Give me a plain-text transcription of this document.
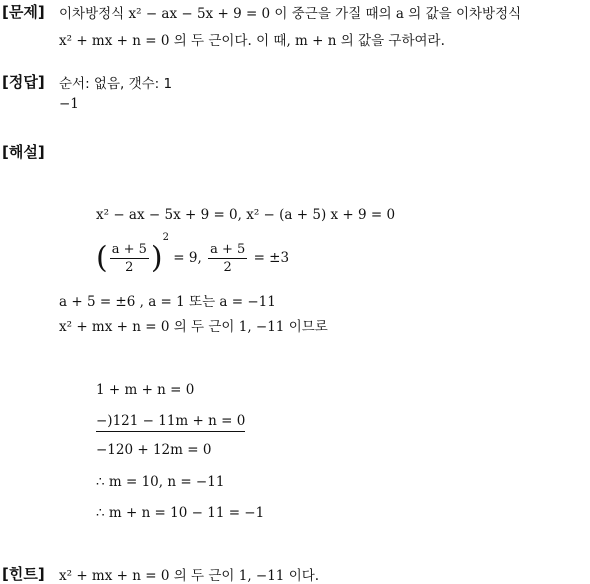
[문제] 이차방정식 x² − ax − 5x + 9 = 0 이 중근을 가질 때의 a 의 값을 이차방정식
x² + mx + n = 0 의 두 근이다. 이 때, m + n 의 값을 구하여라.
[정답] 순서: 없음, 갯수: 1
−1
[해설]
x² − ax − 5x + 9 = 0, x² − (a + 5) x + 9 = 0
( $\frac{a + 5}{2} )^2 = 9$, $\frac{a + 5}{2} = \pm 3$
a + 5 = ±6 , a = 1 또는 a = −11
x² + mx + n = 0 의 두 근이 1, −11 이므로
1 + m + n = 0
−)121 − 11m + n = 0
−120 + 12m = 0
∴ m = 10, n = −11
∴ m + n = 10 − 11 = −1
[힌트] x² + mx + n = 0 의 두 근이 1, −11 이다.
